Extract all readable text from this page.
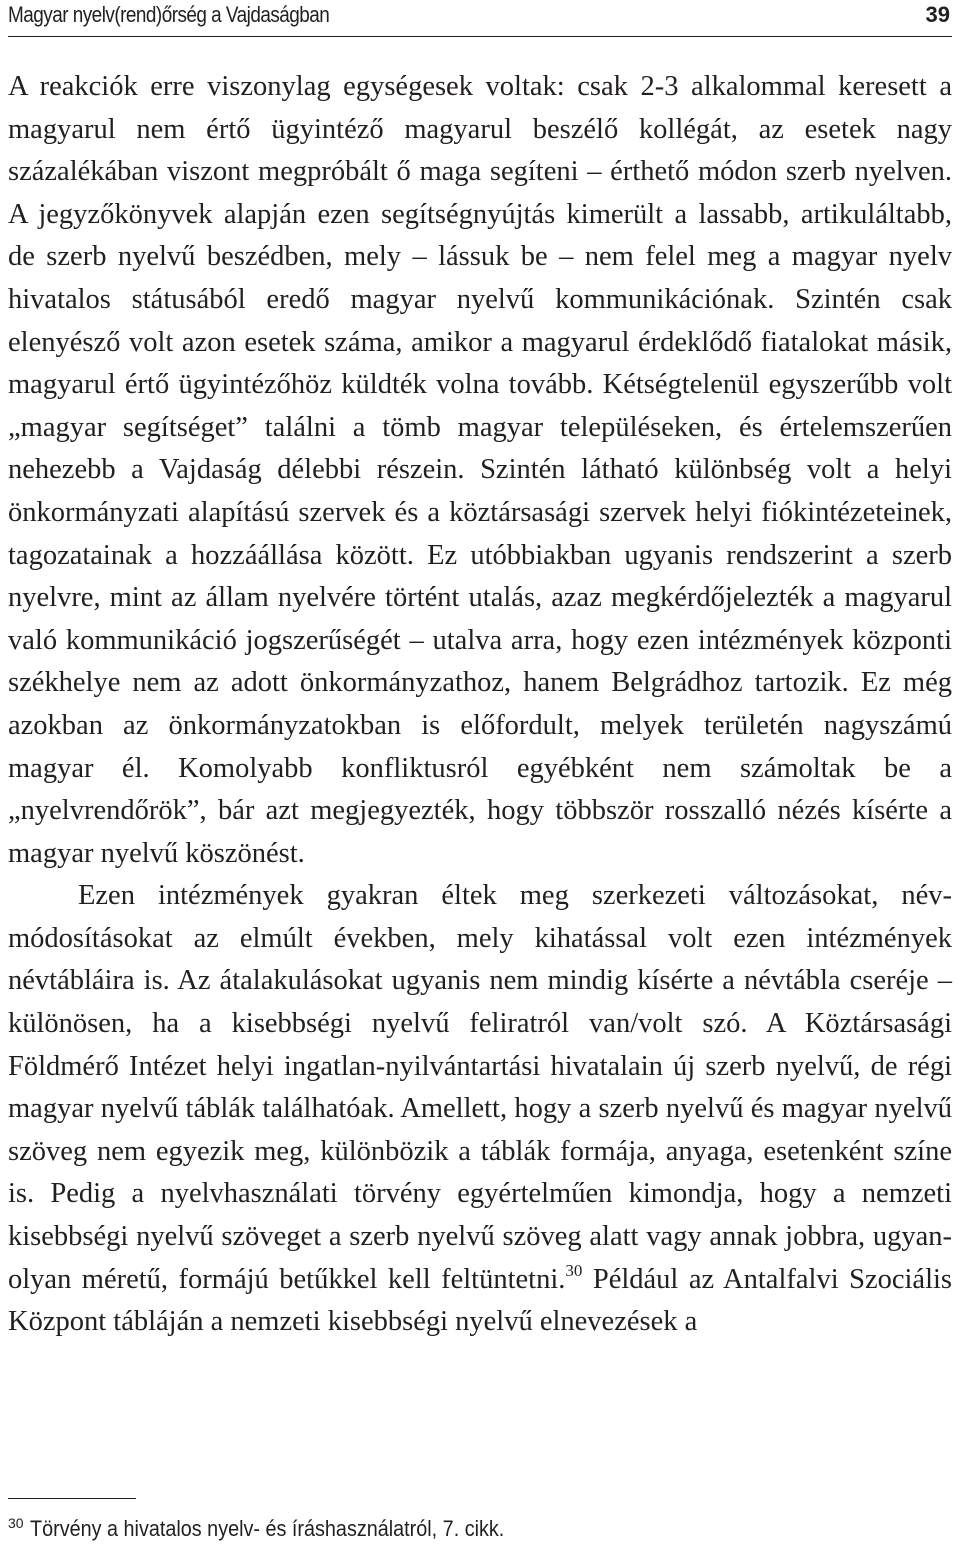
Magyar nyelv(rend)őrség a Vajdaságban	39

A reakciók erre viszonylag egységesek voltak: csak 2-3 alkalommal keresett a magyarul nem értő ügyintéző magyarul beszélő kollégát, az esetek nagy százalékában viszont megpróbált ő maga segíteni – érthető módon szerb nyelven. A jegyzőkönyvek alapján ezen segítségnyújtás kimerült a lassabb, artikuláltabb, de szerb nyelvű beszédben, mely – lássuk be – nem felel meg a magyar nyelv hivatalos státusából eredő magyar nyelvű kommunikációnak. Szintén csak elenyésző volt azon esetek száma, amikor a magyarul érdeklődő fiatalokat másik, magyarul értő ügyintézőhöz küldték volna tovább. Kétségtelenül egyszerűbb volt „magyar segítséget” találni a tömb magyar településeken, és értelemszerűen nehezebb a Vajdaság délebbi részein. Szintén látható különbség volt a helyi önkormányzati alapítású szervek és a köztársasági szervek helyi fiókintézeteinek, tagozatainak a hozzáállása között. Ez utóbbiakban ugyanis rendszerint a szerb nyelvre, mint az állam nyelvére történt utalás, azaz megkérdőjelezték a magyarul való kommunikáció jogszerűségét – utalva arra, hogy ezen intézmények központi székhelye nem az adott önkormányzathoz, hanem Belgrádhoz tartozik. Ez még azokban az önkormányzatokban is előfordult, melyek területén nagyszámú magyar él. Komolyabb konfliktusról egyébként nem számoltak be a „nyelvrendőrök”, bár azt megjegyezték, hogy többször rosszalló nézés kísérte a magyar nyelvű köszönést.

Ezen intézmények gyakran éltek meg szerkezeti változásokat, névmódosításokat az elmúlt években, mely kihatással volt ezen intézmények névtábláira is. Az átalakulásokat ugyanis nem mindig kísérte a névtábla cseréje – különösen, ha a kisebbségi nyelvű feliratról van/volt szó. A Köztársasági Földmérő Intézet helyi ingatlan-nyilvántartási hivatalain új szerb nyelvű, de régi magyar nyelvű táblák találhatóak. Amellett, hogy a szerb nyelvű és magyar nyelvű szöveg nem egyezik meg, különbözik a táblák formája, anyaga, esetenként színe is. Pedig a nyelvhasználati törvény egyértelműen kimondja, hogy a nemzeti kisebbségi nyelvű szöveget a szerb nyelvű szöveg alatt vagy annak jobbra, ugyanolyan méretű, formájú betűkkel kell feltüntetni.$^{30}$ Például az Antalfalvi Szociális Központ tábláján a nemzeti kisebbségi nyelvű elnevezések a

$^{30}$ Törvény a hivatalos nyelv- és íráshasználatról, 7. cikk.
